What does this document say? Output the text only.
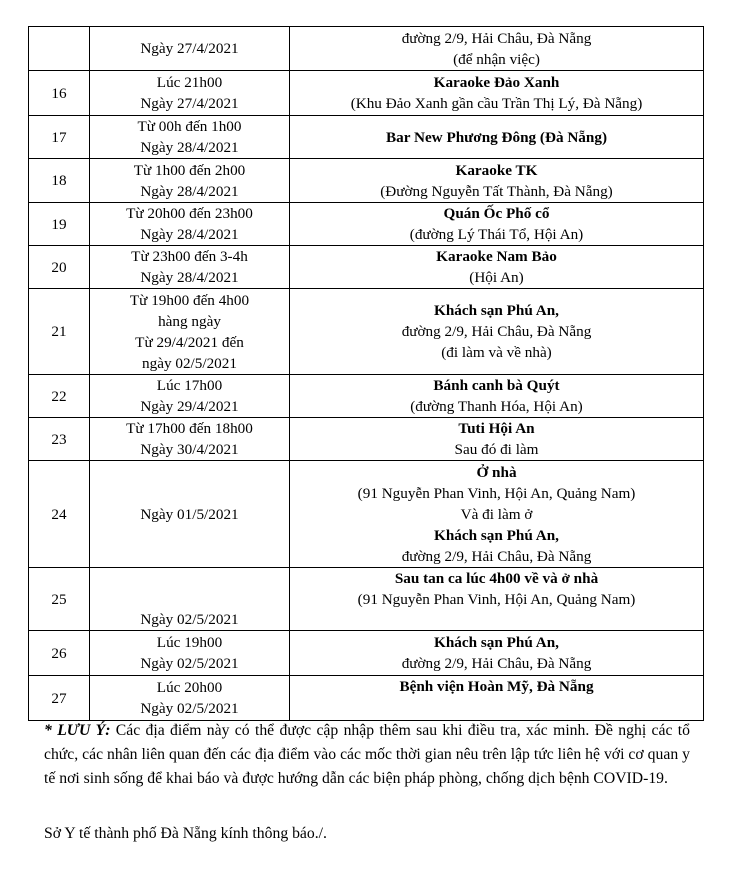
	Ngày 27/4/2021	đường 2/9, Hải Châu, Đà Nẵng
(để nhận việc)

16	Lúc 21h00
Ngày 27/4/2021	Karaoke Đảo Xanh
(Khu Đảo Xanh gần cầu Trần Thị Lý, Đà Nẵng)

17	Từ 00h đến 1h00
Ngày 28/4/2021	Bar New Phương Đông (Đà Nẵng)

18	Từ 1h00 đến 2h00
Ngày 28/4/2021	Karaoke TK
(Đường Nguyễn Tất Thành, Đà Nẵng)

19	Từ 20h00 đến 23h00
Ngày 28/4/2021	Quán Ốc Phố cổ
(đường Lý Thái Tổ, Hội An)

20	Từ 23h00 đến 3-4h
Ngày 28/4/2021	Karaoke Nam Bảo
(Hội An)

21	Từ 19h00 đến 4h00
hàng ngày
Từ 29/4/2021 đến
ngày 02/5/2021	Khách sạn Phú An,
đường 2/9, Hải Châu, Đà Nẵng
(đi làm và về nhà)

22	Lúc 17h00
Ngày 29/4/2021	Bánh canh bà Quýt
(đường Thanh Hóa, Hội An)

23	Từ 17h00 đến 18h00
Ngày 30/4/2021	Tuti Hội An
Sau đó đi làm

24	Ngày 01/5/2021	Ở nhà
(91 Nguyễn Phan Vinh, Hội An, Quảng Nam)
Và đi làm ở
Khách sạn Phú An,
đường 2/9, Hải Châu, Đà Nẵng

25	Ngày 02/5/2021	Sau tan ca lúc 4h00 về và ở nhà
(91 Nguyễn Phan Vinh, Hội An, Quảng Nam)

26	Lúc 19h00
Ngày 02/5/2021	Khách sạn Phú An,
đường 2/9, Hải Châu, Đà Nẵng

27	Lúc 20h00
Ngày 02/5/2021	Bệnh viện Hoàn Mỹ, Đà Nẵng
* LƯU Ý: Các địa điểm này có thể được cập nhập thêm sau khi điều tra, xác minh. Đề nghị các tổ chức, các nhân liên quan đến các địa điểm vào các mốc thời gian nêu trên lập tức liên hệ với cơ quan y tế nơi sinh sống để khai báo và được hướng dẫn các biện pháp phòng, chống dịch bệnh COVID-19.
Sở Y tế thành phố Đà Nẵng kính thông báo./.
